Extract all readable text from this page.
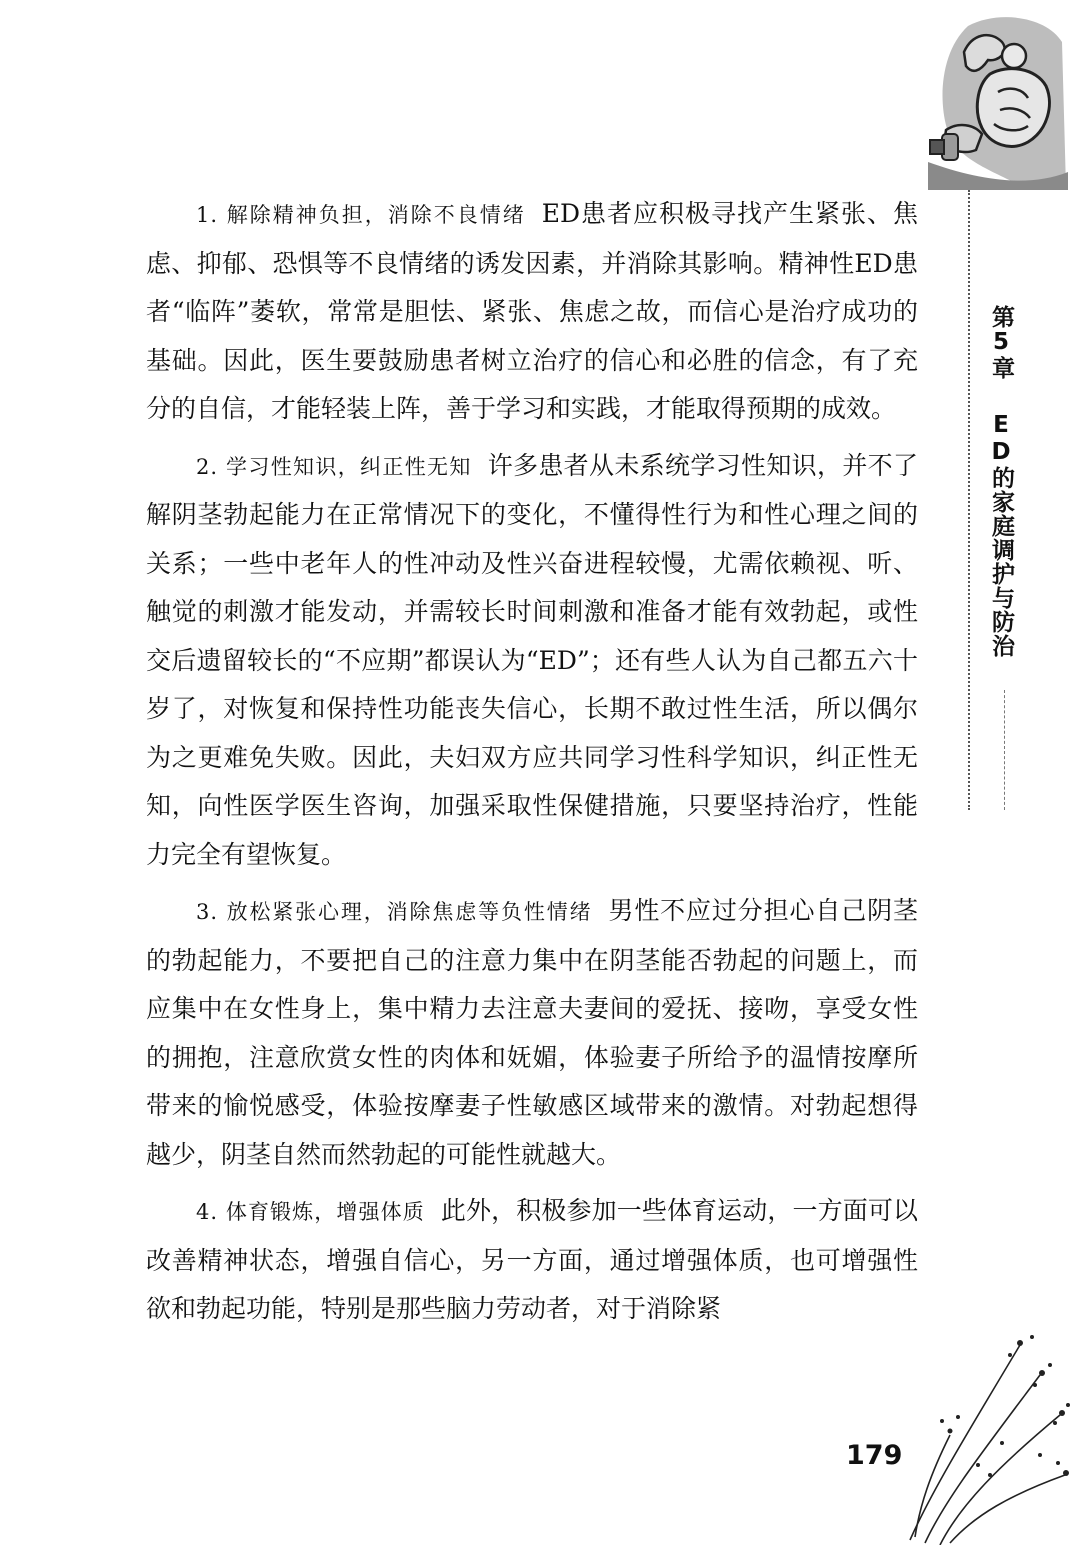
第5章
ED的家庭调护与防治

1. 解除精神负担，消除不良情绪 ED患者应积极寻找产生紧张、焦虑、抑郁、恐惧等不良情绪的诱发因素，并消除其影响。精神性ED患者“临阵”萎软，常常是胆怯、紧张、焦虑之故，而信心是治疗成功的基础。因此，医生要鼓励患者树立治疗的信心和必胜的信念，有了充分的自信，才能轻装上阵，善于学习和实践，才能取得预期的成效。

2. 学习性知识，纠正性无知 许多患者从未系统学习性知识，并不了解阴茎勃起能力在正常情况下的变化，不懂得性行为和性心理之间的关系；一些中老年人的性冲动及性兴奋进程较慢，尤需依赖视、听、触觉的刺激才能发动，并需较长时间刺激和准备才能有效勃起，或性交后遗留较长的“不应期”都误认为“ED”；还有些人认为自己都五六十岁了，对恢复和保持性功能丧失信心，长期不敢过性生活，所以偶尔为之更难免失败。因此，夫妇双方应共同学习性科学知识，纠正性无知，向性医学医生咨询，加强采取性保健措施，只要坚持治疗，性能力完全有望恢复。

3. 放松紧张心理，消除焦虑等负性情绪 男性不应过分担心自己阴茎的勃起能力，不要把自己的注意力集中在阴茎能否勃起的问题上，而应集中在女性身上，集中精力去注意夫妻间的爱抚、接吻，享受女性的拥抱，注意欣赏女性的肉体和妩媚，体验妻子所给予的温情按摩所带来的愉悦感受，体验按摩妻子性敏感区域带来的激情。对勃起想得越少，阴茎自然而然勃起的可能性就越大。

4. 体育锻炼，增强体质 此外，积极参加一些体育运动，一方面可以改善精神状态，增强自信心，另一方面，通过增强体质，也可增强性欲和勃起功能，特别是那些脑力劳动者，对于消除紧

179
